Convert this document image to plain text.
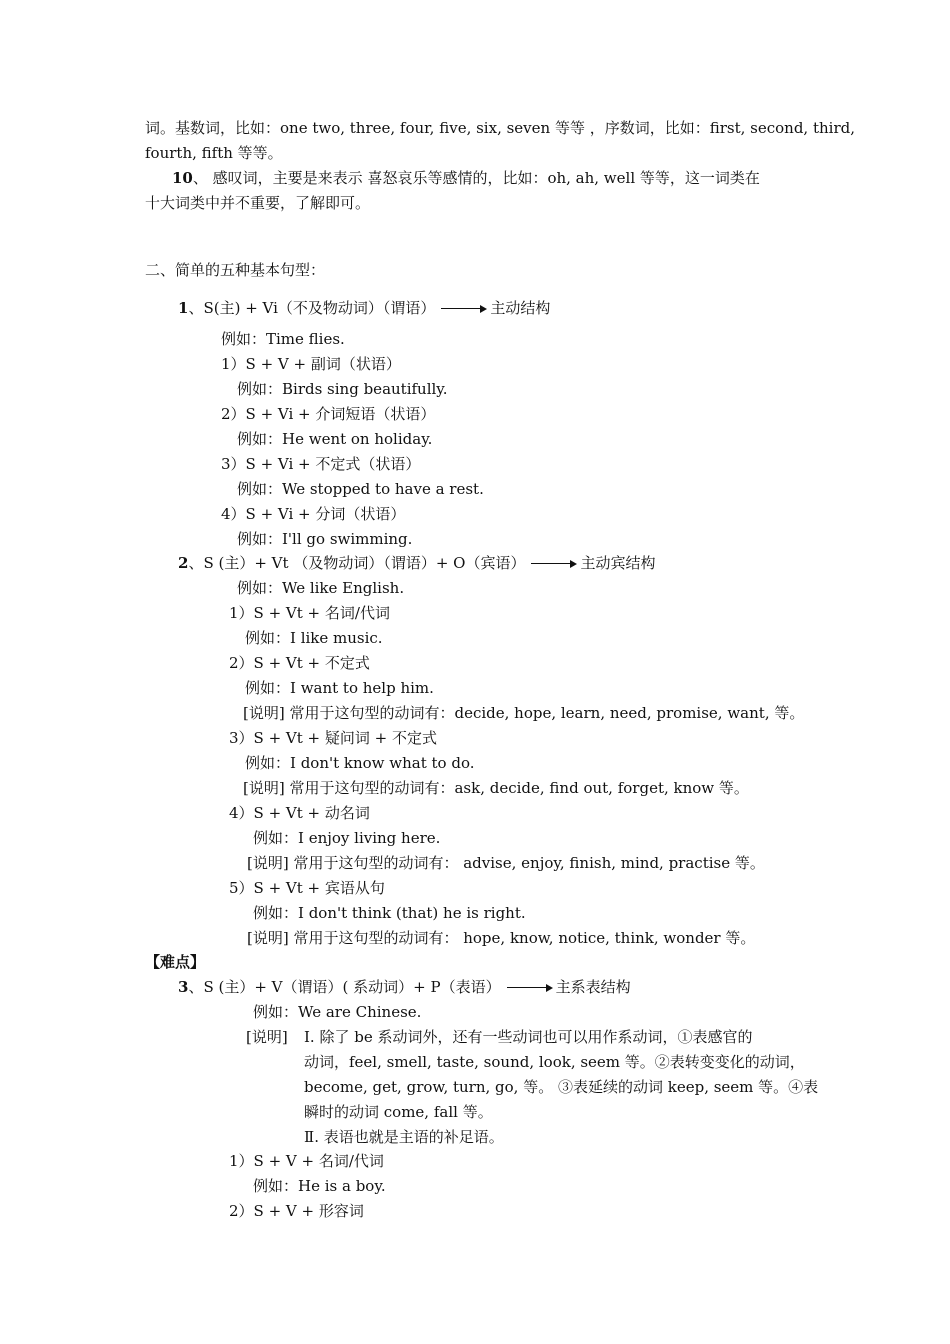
词。基数词，比如：one two, three, four, five, six, seven 等等 ，序数词，比如：first, second, third,
fourth, fifth 等等。
10、 感叹词，主要是来表示 喜怒哀乐等感情的，比如：oh, ah, well 等等，这一词类在
十大词类中并不重要，了解即可。
二、简单的五种基本句型：
1、S(主) + Vi（不及物动词）（谓语）	主动结构
例如：Time flies.
1）S + V + 副词（状语）
例如：Birds sing beautifully.
2）S + Vi + 介词短语（状语）
例如：He went on holiday.
3）S + Vi + 不定式（状语）
例如：We stopped to have a rest.
4）S + Vi + 分词（状语）
例如：I'll go swimming.
2、S (主）+ Vt （及物动词）（谓语）+ O（宾语）	主动宾结构
例如：We like English.
1）S + Vt + 名词/代词
例如：I like music.
2）S + Vt + 不定式
例如：I want to help him.
[说明] 常用于这句型的动词有：decide, hope, learn, need, promise, want, 等。
3）S + Vt + 疑问词 + 不定式
例如：I don't know what to do.
[说明] 常用于这句型的动词有：ask, decide, find out, forget, know 等。
4）S + Vt + 动名词
例如：I enjoy living here.
[说明] 常用于这句型的动词有： advise, enjoy, finish, mind, practise 等。
5）S + Vt + 宾语从句
例如：I don't think (that) he is right.
[说明] 常用于这句型的动词有： hope, know, notice, think, wonder 等。
【难点】
3、S (主）+ V（谓语）( 系动词）+ P（表语）	主系表结构
例如：We are Chinese.
[说明] Ⅰ. 除了 be 系动词外，还有一些动词也可以用作系动词，①表感官的
动词，feel, smell, taste, sound, look, seem 等。②表转变变化的动词，
become, get, grow, turn, go, 等。 ③表延续的动词 keep, seem 等。④表
瞬时的动词 come, fall 等。
Ⅱ. 表语也就是主语的补足语。
1）S + V + 名词/代词
例如：He is a boy.
2）S + V + 形容词
